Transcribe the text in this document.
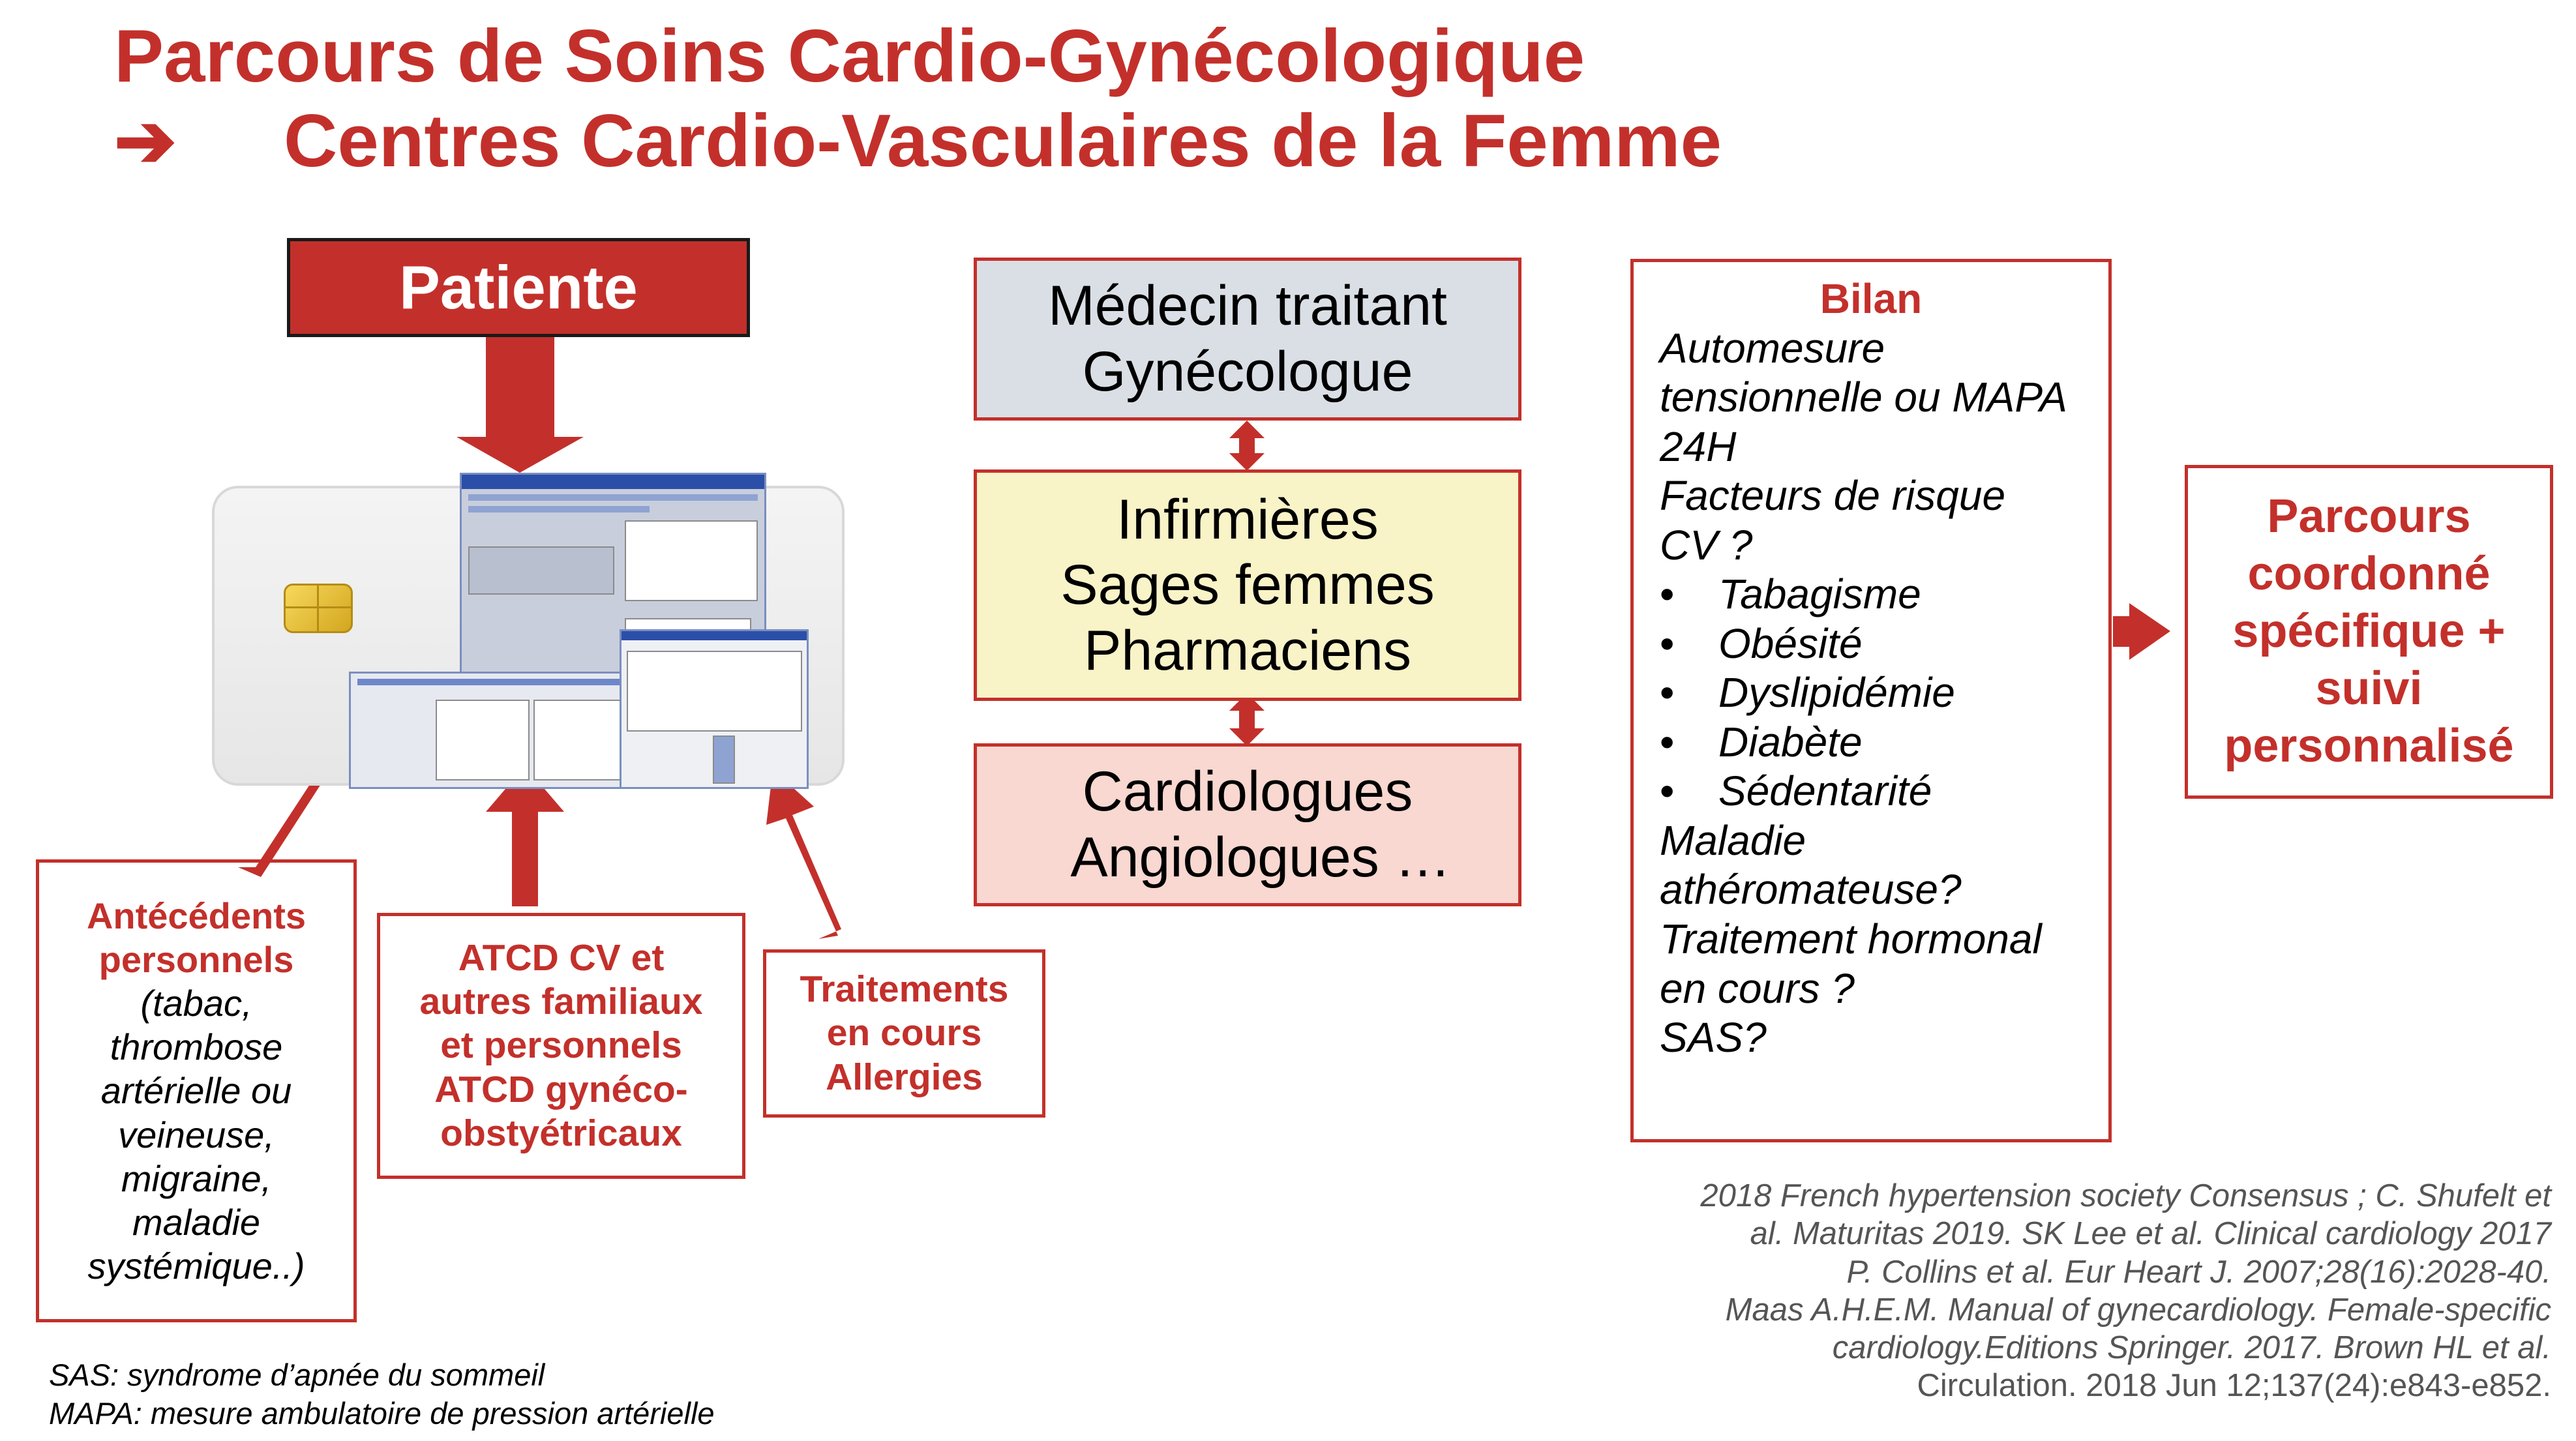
Parcours de Soins Cardio-Gynécologique
➔ Centres Cardio-Vasculaires de la Femme
Patiente
Antécédents
personnels
(tabac,
thrombose
artérielle ou
veineuse,
migraine,
maladie
systémique..)
ATCD CV et
autres familiaux
et personnels
ATCD gynéco-
obstyétricaux
Traitements
en cours
Allergies
Médecin traitant
Gynécologue
Infirmières
Sages femmes
Pharmaciens
Cardiologues
Angiologues …
Bilan
Automesure
tensionnelle ou MAPA
24H
Facteurs de risque
CV ?
• Tabagisme
• Obésité
• Dyslipidémie
• Diabète
• Sédentarité
Maladie
athéromateuse?
Traitement hormonal
en cours ?
SAS?
Parcours
coordonné
spécifique +
suivi
personnalisé
2018 French hypertension society Consensus ; C. Shufelt et
al. Maturitas 2019. SK Lee et al. Clinical cardiology 2017
P. Collins et al. Eur Heart J. 2007;28(16):2028-40.
Maas A.H.E.M. Manual of gynecardiology. Female-specific
cardiology.Editions Springer. 2017. Brown HL et al.
Circulation. 2018 Jun 12;137(24):e843-e852.
SAS: syndrome d’apnée du sommeil
MAPA: mesure ambulatoire de pression artérielle
